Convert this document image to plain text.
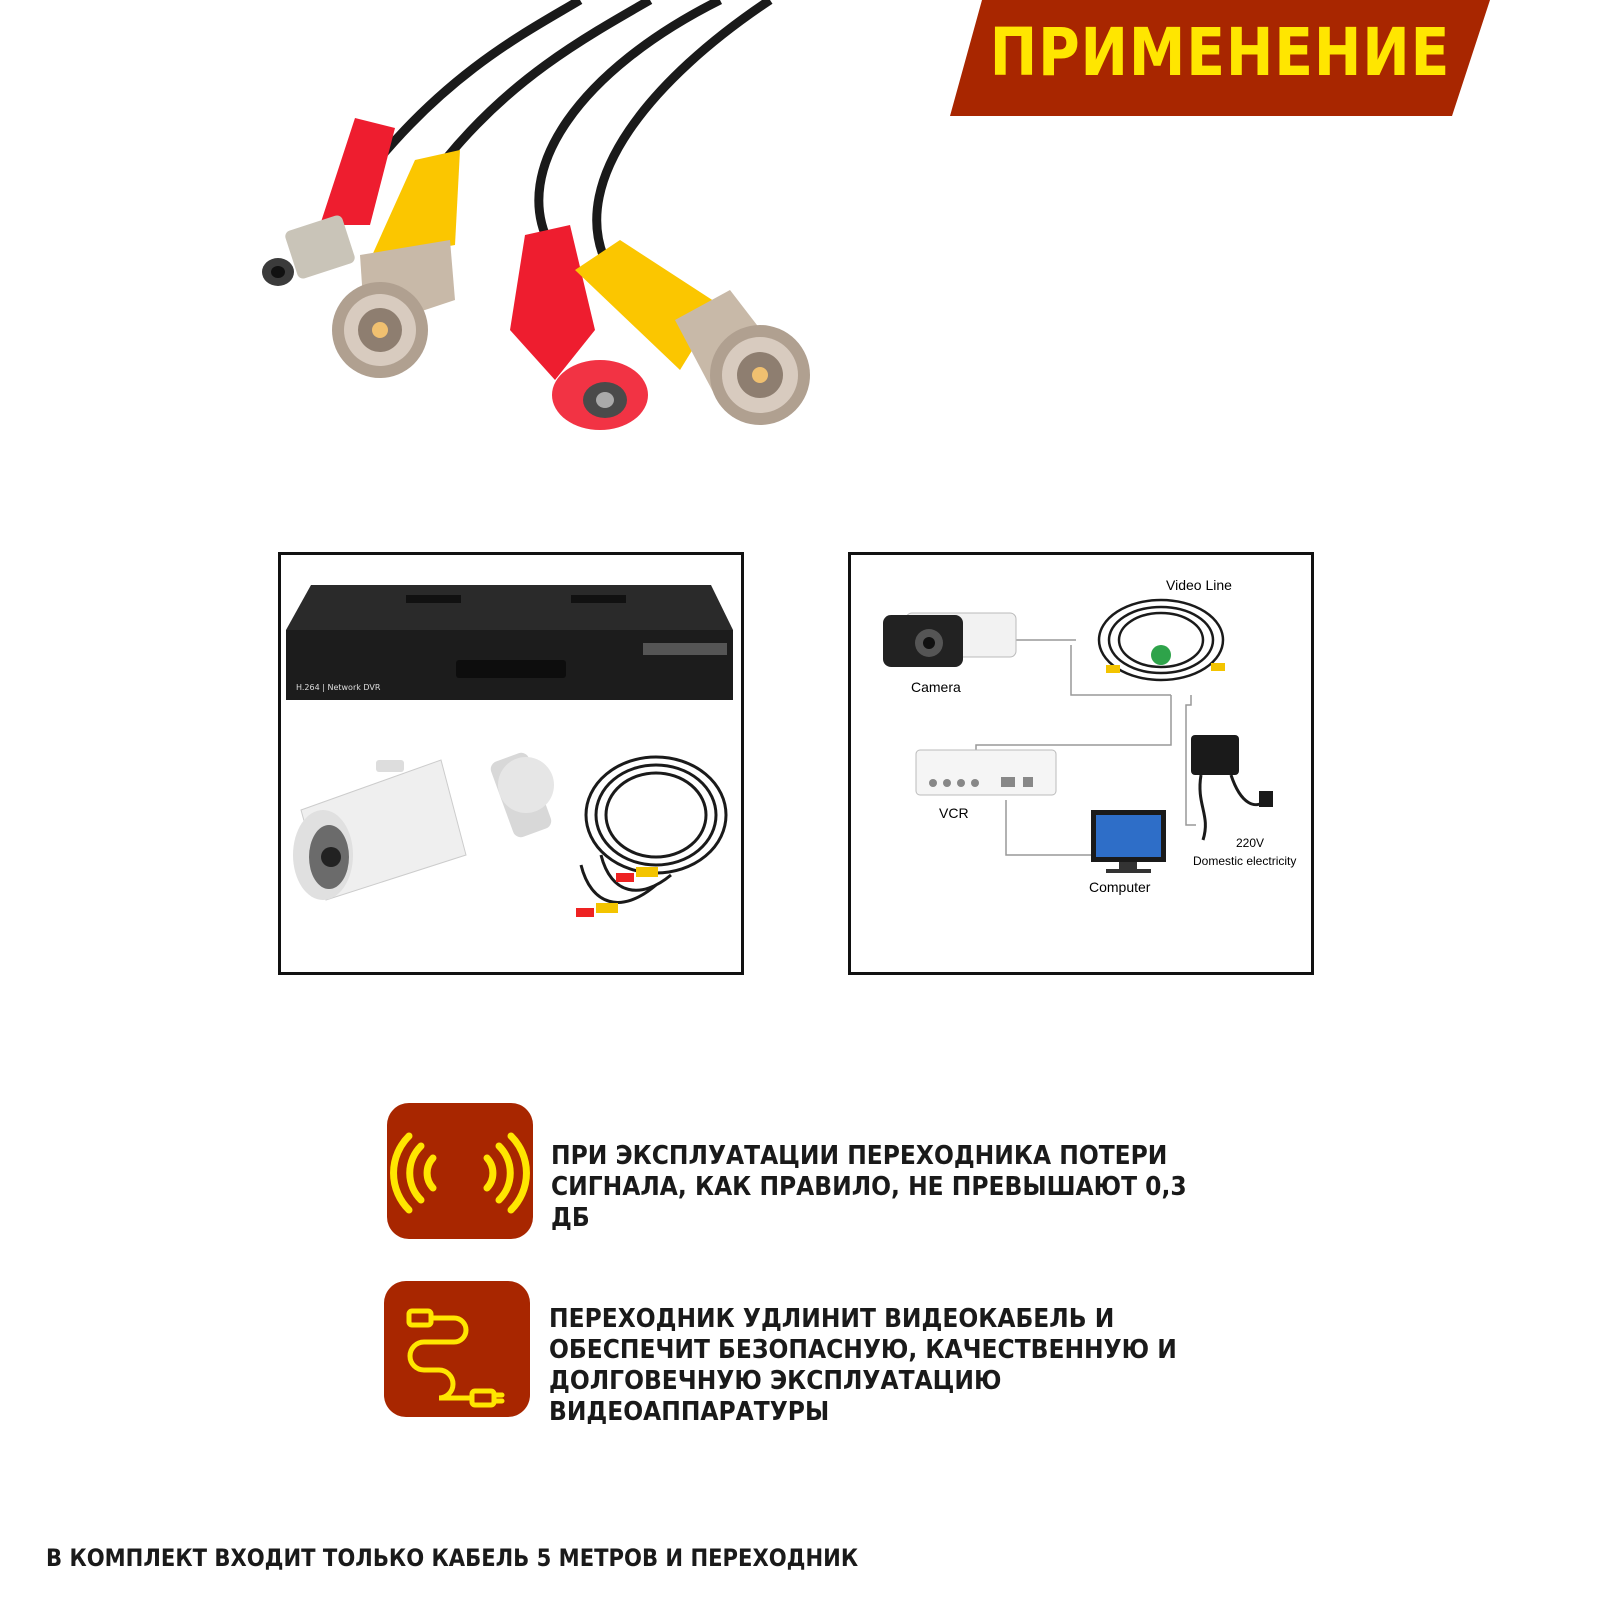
ПРИМЕНЕНИЕ
H.264 | Network DVR	Camera
Video Line
VCR
220V
Domestic electricity
Computer
ПРИ ЭКСПЛУАТАЦИИ ПЕРЕХОДНИКА ПОТЕРИ СИГНАЛА, КАК ПРАВИЛО, НЕ ПРЕВЫШАЮТ 0,3 ДБ
ПЕРЕХОДНИК УДЛИНИТ ВИДЕОКАБЕЛЬ И ОБЕСПЕЧИТ БЕЗОПАСНУЮ, КАЧЕСТВЕННУЮ И ДОЛГОВЕЧНУЮ ЭКСПЛУАТАЦИЮ ВИДЕОАППАРАТУРЫ
В КОМПЛЕКТ ВХОДИТ ТОЛЬКО КАБЕЛЬ 5 МЕТРОВ И ПЕРЕХОДНИК
